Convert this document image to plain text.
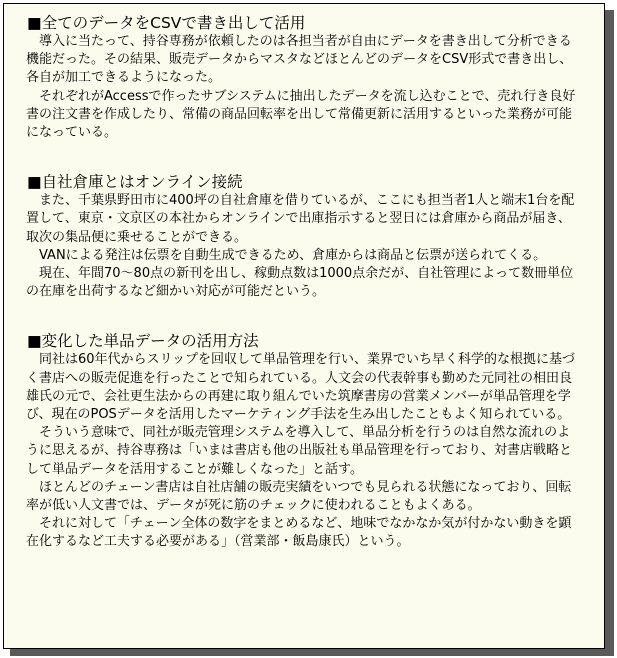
■全てのデータをCSVで書き出して活用

導入に当たって、持谷専務が依頼したのは各担当者が自由にデータを書き出して分析できる機能だった。その結果、販売データからマスタなどほとんどのデータをCSV形式で書き出し、各自が加工できるようになった。

それぞれがAccessで作ったサブシステムに抽出したデータを流し込むことで、売れ行き良好書の注文書を作成したり、常備の商品回転率を出して常備更新に活用するといった業務が可能になっている。

■自社倉庫とはオンライン接続

また、千葉県野田市に400坪の自社倉庫を借りているが、ここにも担当者1人と端末1台を配置して、東京・文京区の本社からオンラインで出庫指示すると翌日には倉庫から商品が届き、取次の集品便に乗せることができる。

VANによる発注は伝票を自動生成できるため、倉庫からは商品と伝票が送られてくる。

現在、年間70～80点の新刊を出し、稼動点数は1000点余だが、自社管理によって数冊単位の在庫を出荷するなど細かい対応が可能だという。

■変化した単品データの活用方法

同社は60年代からスリップを回収して単品管理を行い、業界でいち早く科学的な根拠に基づく書店への販売促進を行ったことで知られている。人文会の代表幹事も勤めた元同社の相田良雄氏の元で、会社更生法からの再建に取り組んでいた筑摩書房の営業メンバーが単品管理を学び、現在のPOSデータを活用したマーケティング手法を生み出したこともよく知られている。

そういう意味で、同社が販売管理システムを導入して、単品分析を行うのは自然な流れのように思えるが、持谷専務は「いまは書店も他の出版社も単品管理を行っており、対書店戦略として単品データを活用することが難しくなった」と話す。

ほとんどのチェーン書店は自社店舗の販売実績をいつでも見られる状態になっており、回転率が低い人文書では、データが死に筋のチェックに使われることもよくある。

それに対して「チェーン全体の数字をまとめるなど、地味でなかなか気が付かない動きを顕在化するなど工夫する必要がある」（営業部・飯島康氏）という。
